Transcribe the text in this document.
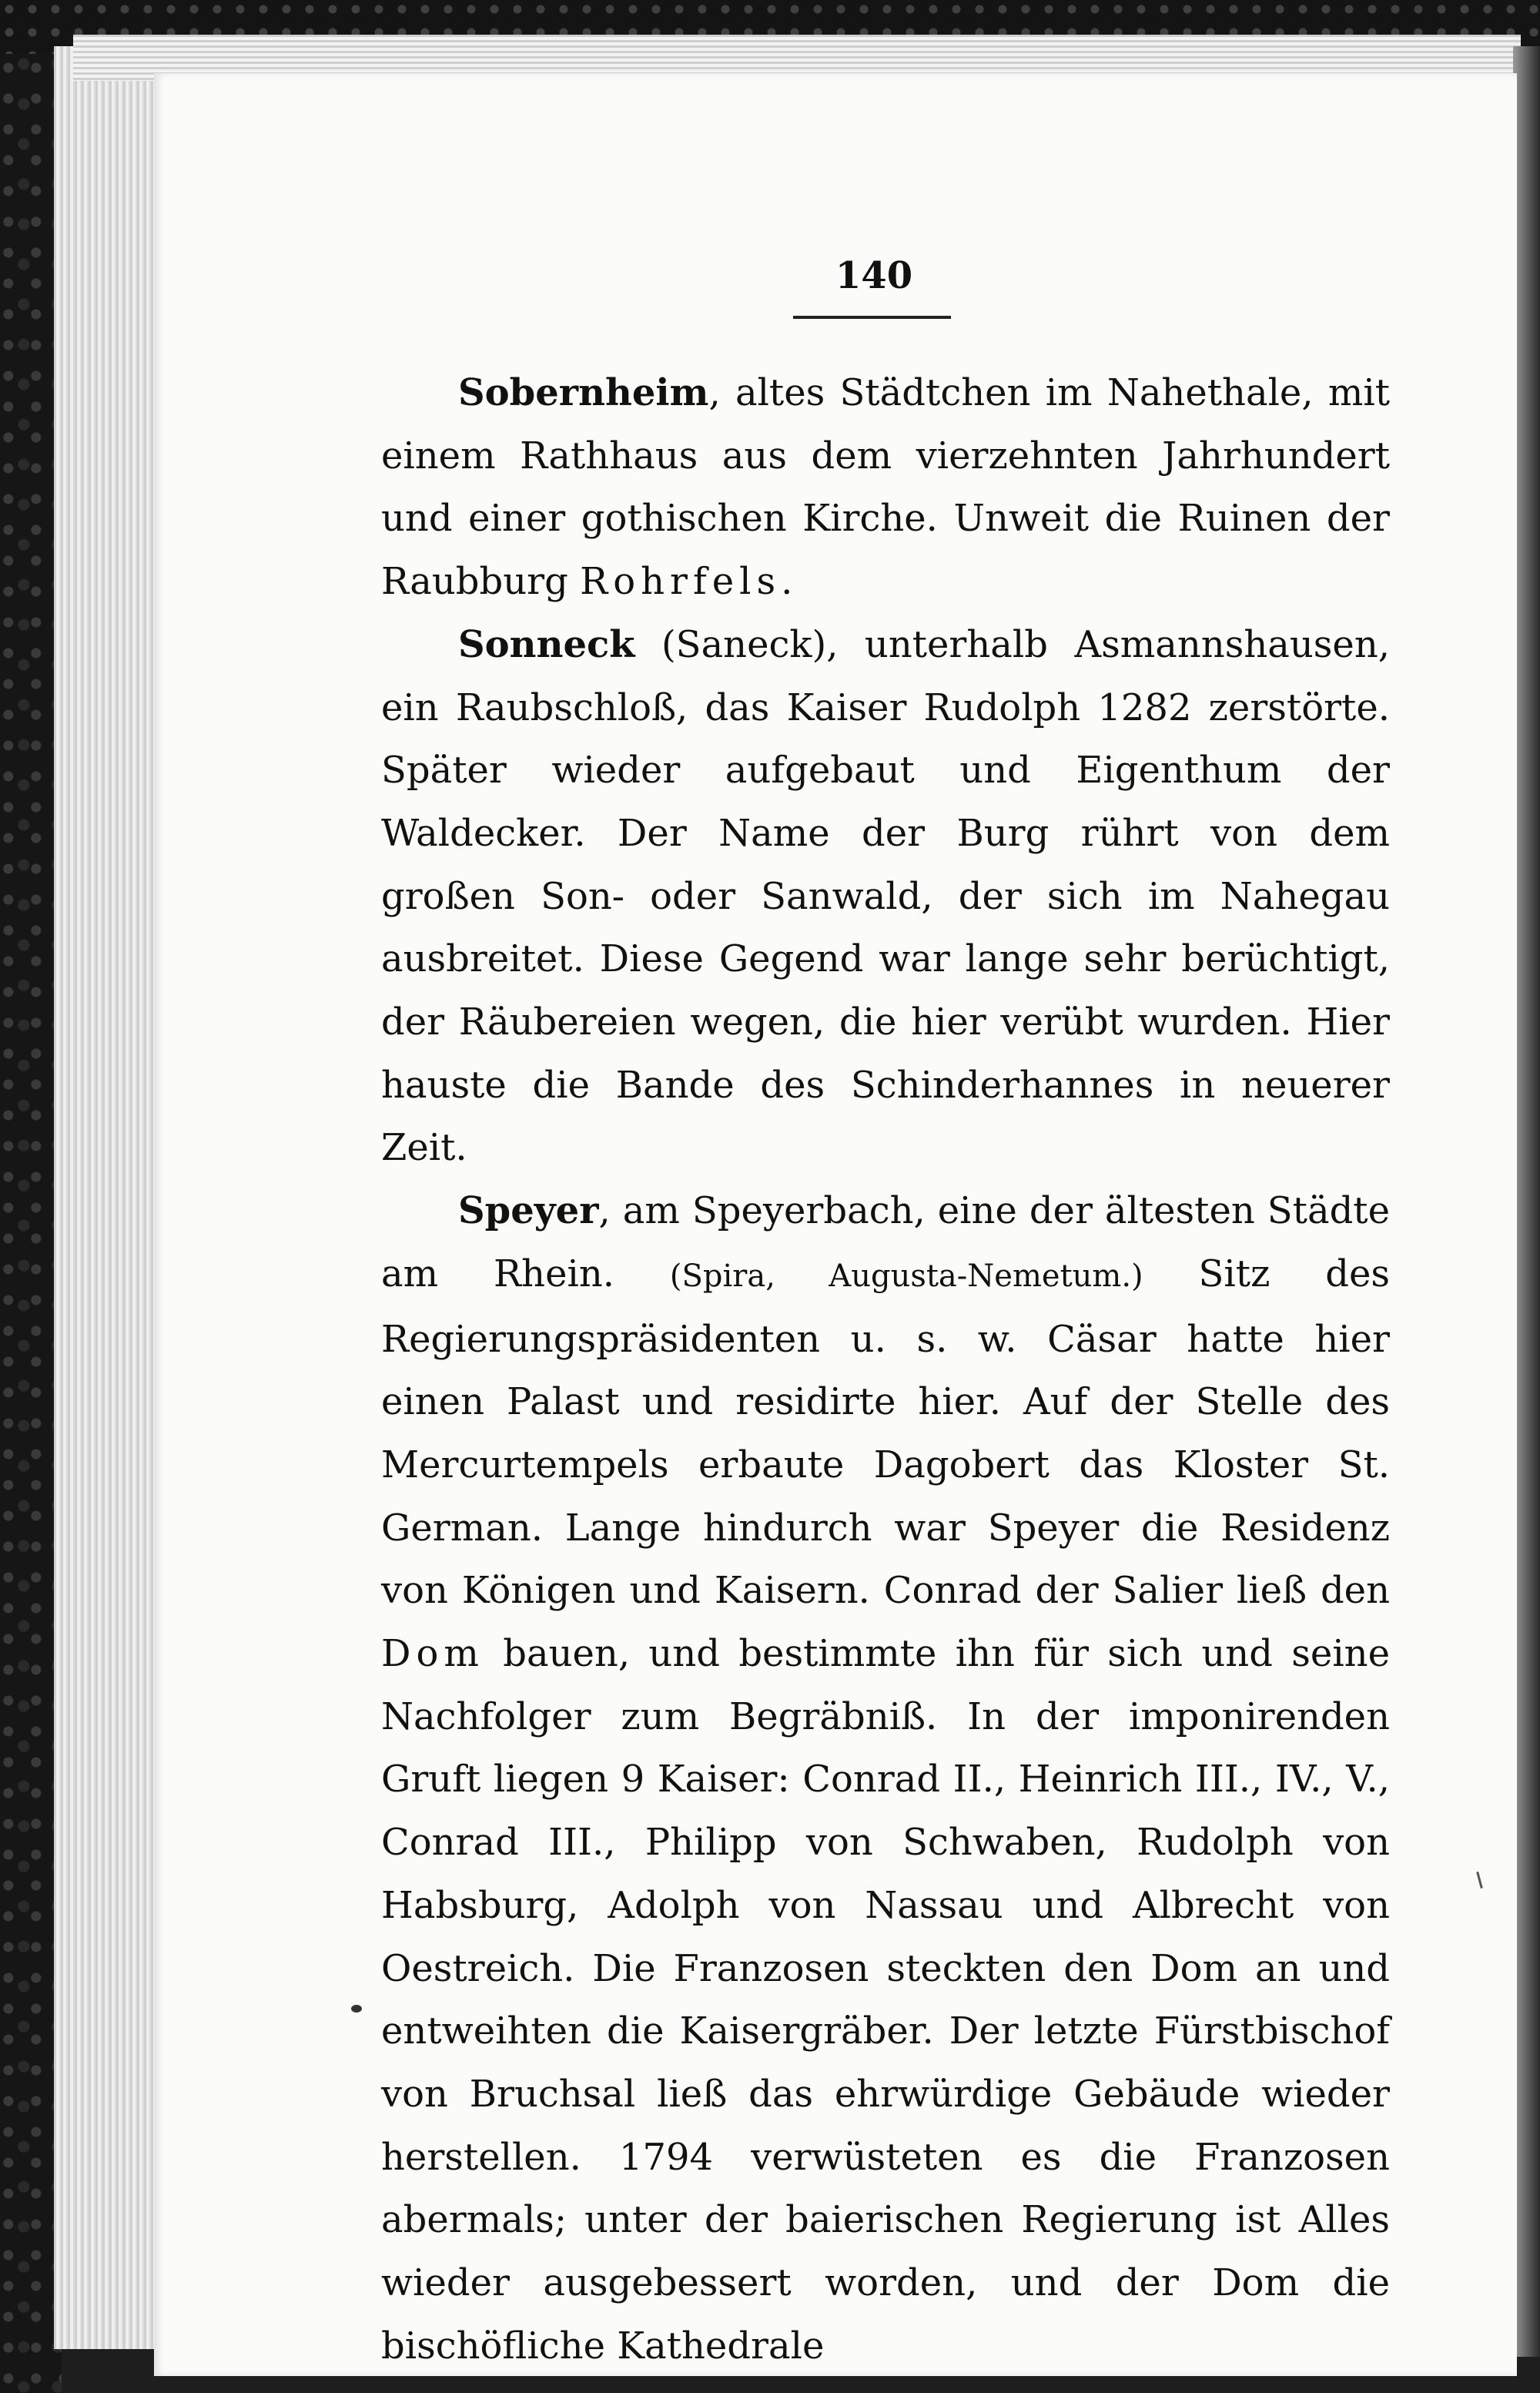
140

Sobernheim, altes Städtchen im Nahethale, mit einem Rathhaus aus dem vierzehnten Jahrhundert und einer gothischen Kirche. Unweit die Ruinen der Raubburg Rohrfels.

Sonneck (Saneck), unterhalb Asmannshausen, ein Raubschloß, das Kaiser Rudolph 1282 zerstörte. Später wieder aufgebaut und Eigenthum der Waldecker. Der Name der Burg rührt von dem großen Son- oder Sanwald, der sich im Nahegau ausbreitet. Diese Gegend war lange sehr berüchtigt, der Räubereien wegen, die hier verübt wurden. Hier hauste die Bande des Schinderhannes in neuerer Zeit.

Speyer, am Speyerbach, eine der ältesten Städte am Rhein. (Spira, Augusta-Nemetum.) Sitz des Regierungspräsidenten u. s. w. Cäsar hatte hier einen Palast und residirte hier. Auf der Stelle des Mercurtempels erbaute Dagobert das Kloster St. German. Lange hindurch war Speyer die Residenz von Königen und Kaisern. Conrad der Salier ließ den Dom bauen, und bestimmte ihn für sich und seine Nachfolger zum Begräbniß. In der imponirenden Gruft liegen 9 Kaiser: Conrad II., Heinrich III., IV., V., Conrad III., Philipp von Schwaben, Rudolph von Habsburg, Adolph von Nassau und Albrecht von Oestreich. Die Franzosen steckten den Dom an und entweihten die Kaisergräber. Der letzte Fürstbischof von Bruchsal ließ das ehrwürdige Gebäude wieder herstellen. 1794 verwüsteten es die Franzosen abermals; unter der baierischen Regierung ist Alles wieder ausgebessert worden, und der Dom die bischöfliche Kathedrale
